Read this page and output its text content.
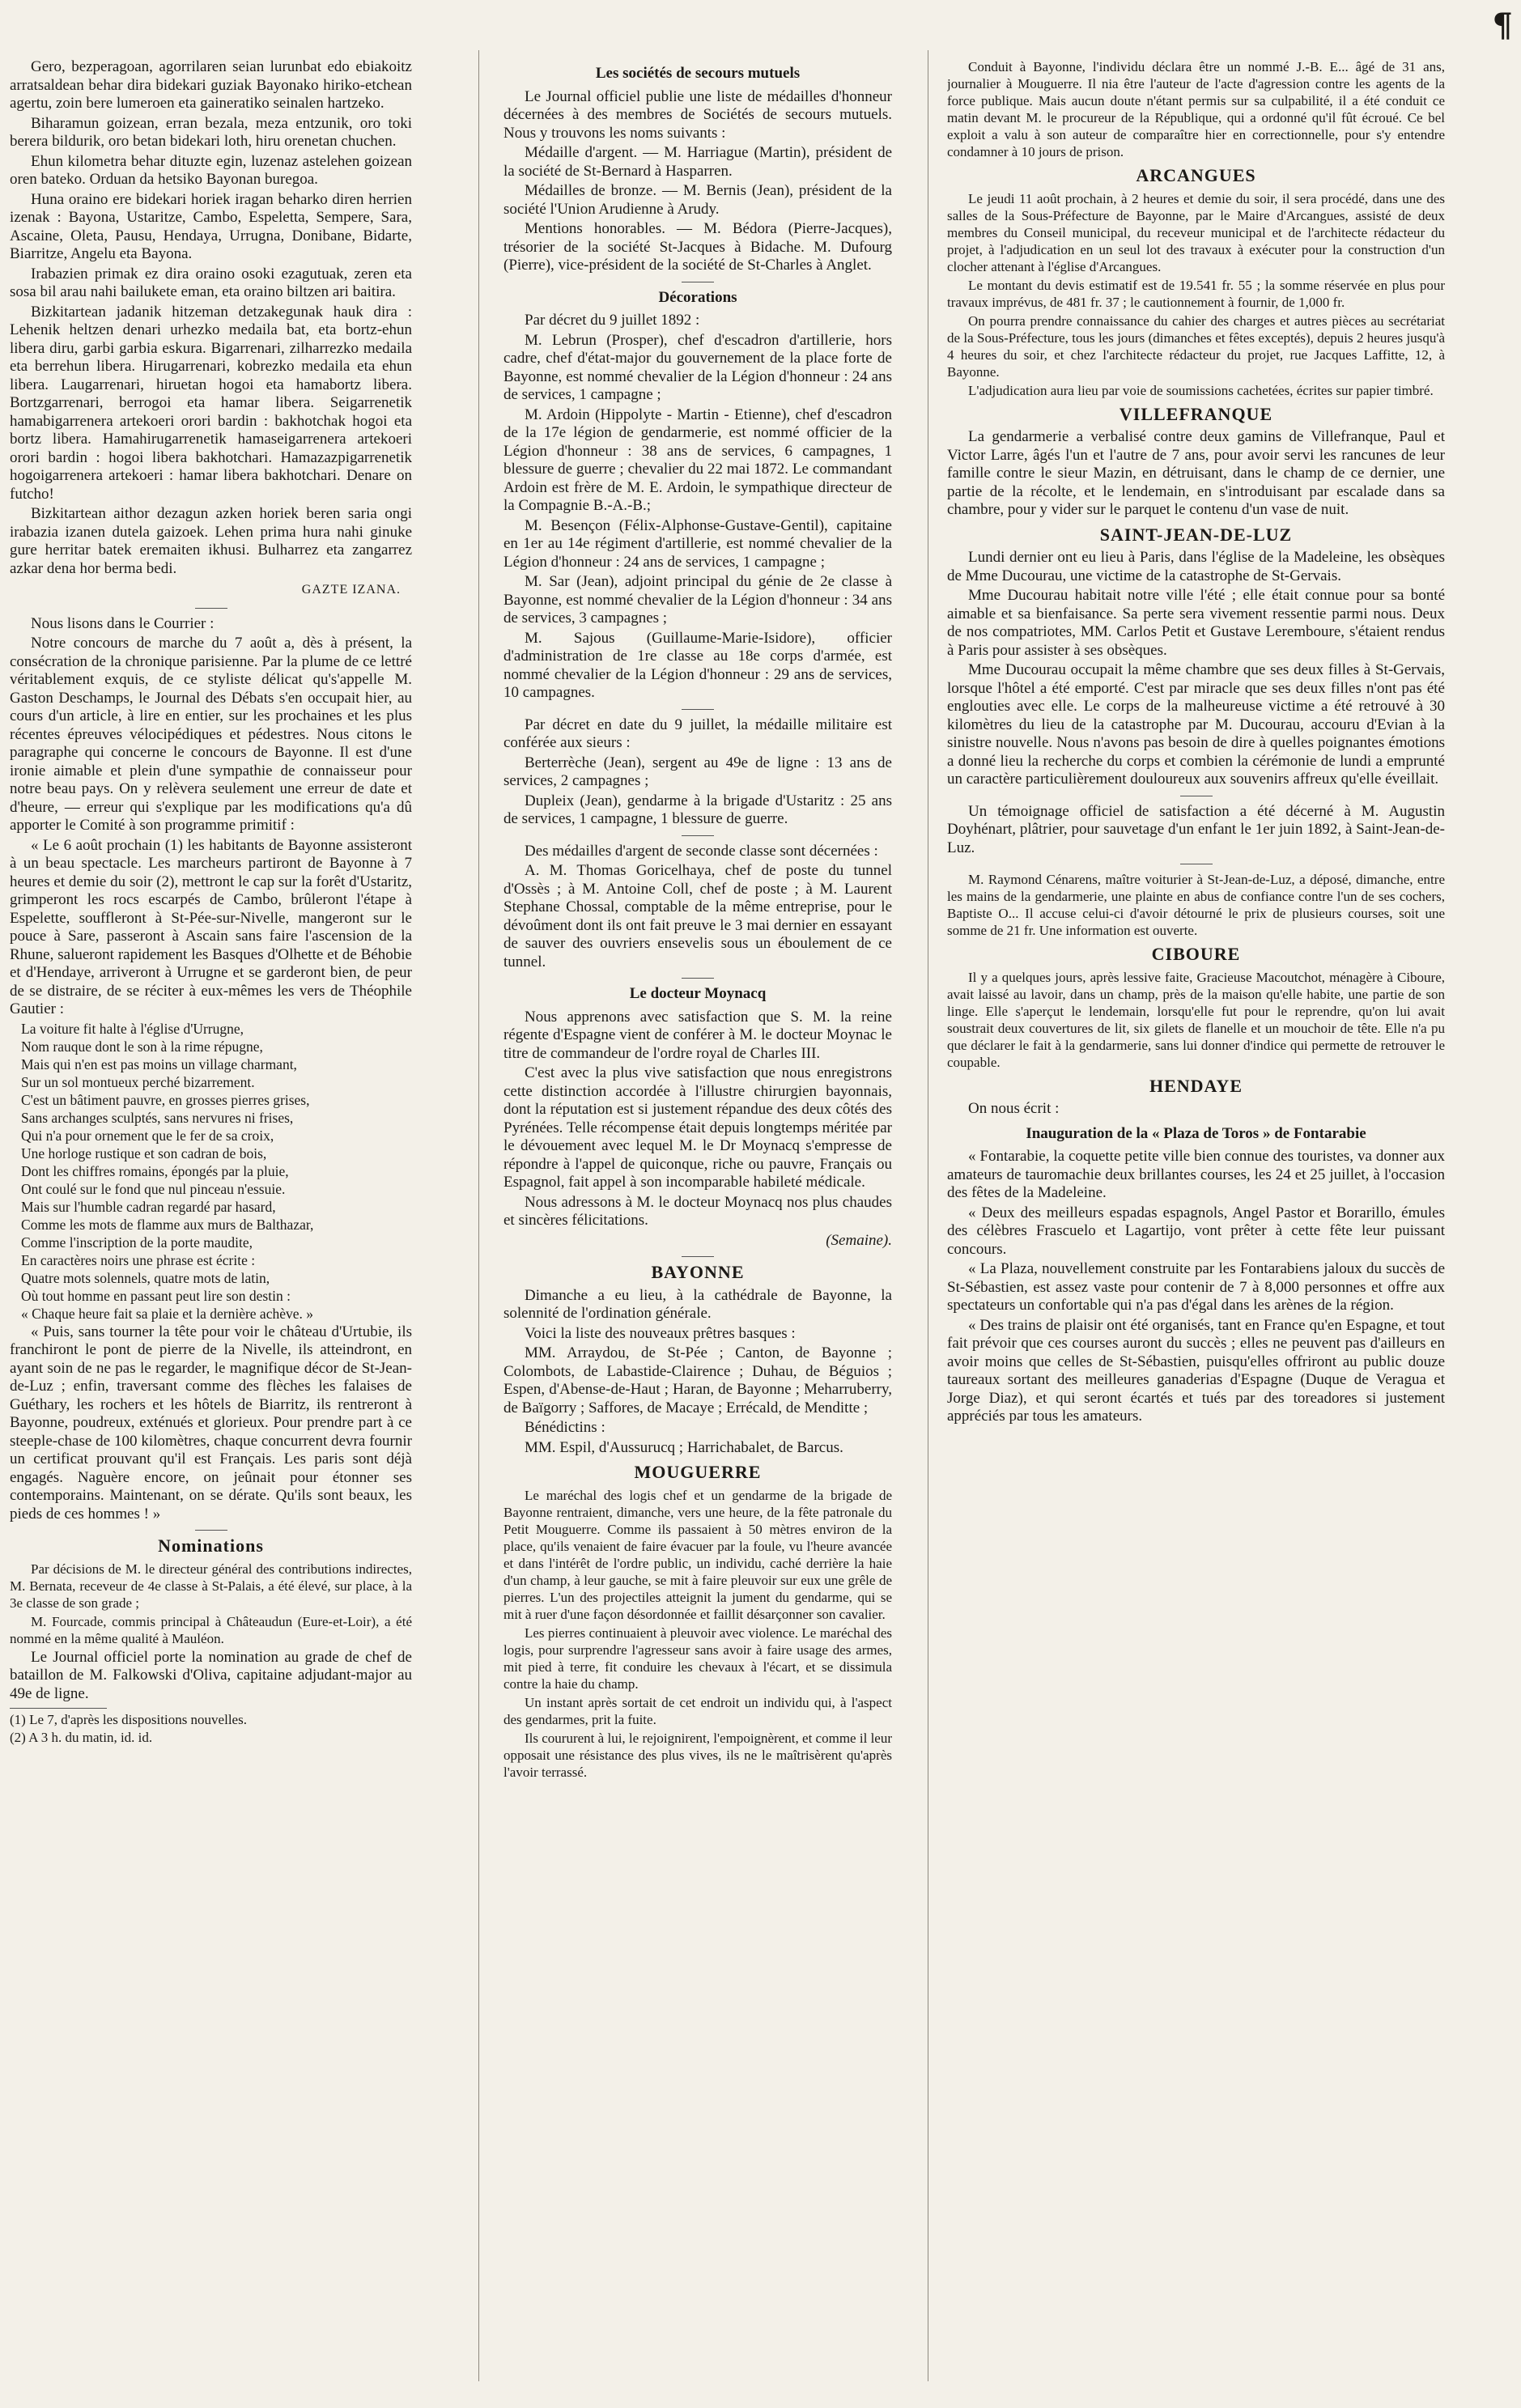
¶

Gero, bezperagoan, agorrilaren seian lurunbat edo ebiakoitz arratsaldean behar dira bidekari guziak Bayonako hiriko-etchean agertu, zoin bere lumeroen eta gaineratiko seinalen hartzeko.

Biharamun goizean, erran bezala, meza entzunik, oro toki berera bildurik, oro betan bidekari loth, hiru orenetan chuchen.

Ehun kilometra behar dituzte egin, luzenaz astelehen goizean oren bateko. Orduan da hetsiko Bayonan buregoa.

Huna oraino ere bidekari horiek iragan beharko diren herrien izenak : Bayona, Ustaritze, Cambo, Espeletta, Sempere, Sara, Ascaine, Oleta, Pausu, Hendaya, Urrugna, Donibane, Bidarte, Biarritze, Angelu eta Bayona.

Irabazien primak ez dira oraino osoki ezagutuak, zeren eta sosa bil arau nahi bailukete eman, eta oraino biltzen ari baitira.

Bizkitartean jadanik hitzeman detzakegunak hauk dira : Lehenik heltzen denari urhezko medaila bat, eta bortz-ehun libera diru, garbi garbia eskura. Bigarrenari, zilharrezko medaila eta berrehun libera. Hirugarrenari, kobrezko medaila eta ehun libera. Laugarrenari, hiruetan hogoi eta hamabortz libera. Bortzgarrenari, berrogoi eta hamar libera. Seigarrenetik hamabigarrenera artekoeri orori bardin : bakhotchak hogoi eta bortz libera. Hamahirugarrenetik hamaseigarrenera artekoeri orori bardin : hogoi libera bakhotchari. Hamazazpigarrenetik hogoigarrenera artekoeri : hamar libera bakhotchari. Denare on futcho!

Bizkitartean aithor dezagun azken horiek beren saria ongi irabazia izanen dutela gaizoek. Lehen prima hura nahi ginuke gure herritar batek eremaiten ikhusi. Bulharrez eta zangarrez azkar dena hor berma bedi.

GAZTE IZANA.

Nous lisons dans le Courrier :

Notre concours de marche du 7 août a, dès à présent, la consécration de la chronique parisienne. Par la plume de ce lettré véritablement exquis, de ce styliste délicat qu's'appelle M. Gaston Deschamps, le Journal des Débats s'en occupait hier, au cours d'un article, à lire en entier, sur les prochaines et les plus récentes épreuves vélocipédiques et pédestres. Nous citons le paragraphe qui concerne le concours de Bayonne. Il est d'une ironie aimable et plein d'une sympathie de connaisseur pour notre beau pays. On y relèvera seulement une erreur de date et d'heure, — erreur qui s'explique par les modifications qu'a dû apporter le Comité à son programme primitif :

« Le 6 août prochain (1) les habitants de Bayonne assisteront à un beau spectacle. Les marcheurs partiront de Bayonne à 7 heures et demie du soir (2), mettront le cap sur la forêt d'Ustaritz, grimperont les rocs escarpés de Cambo, brûleront l'étape à Espelette, souffleront à St-Pée-sur-Nivelle, mangeront sur le pouce à Sare, passeront à Ascain sans faire l'ascension de la Rhune, salueront rapidement les Basques d'Olhette et de Béhobie et d'Hendaye, arriveront à Urrugne et se garderont bien, de peur de se distraire, de se réciter à eux-mêmes les vers de Théophile Gautier :

La voiture fit halte à l'église d'Urrugne,

Nom rauque dont le son à la rime répugne,

Mais qui n'en est pas moins un village charmant,

Sur un sol montueux perché bizarrement.

C'est un bâtiment pauvre, en grosses pierres grises,

Sans archanges sculptés, sans nervures ni frises,

Qui n'a pour ornement que le fer de sa croix,

Une horloge rustique et son cadran de bois,

Dont les chiffres romains, épongés par la pluie,

Ont coulé sur le fond que nul pinceau n'essuie.

Mais sur l'humble cadran regardé par hasard,

Comme les mots de flamme aux murs de Balthazar,

Comme l'inscription de la porte maudite,

En caractères noirs une phrase est écrite :

Quatre mots solennels, quatre mots de latin,

Où tout homme en passant peut lire son destin :

« Chaque heure fait sa plaie et la dernière achève. »

« Puis, sans tourner la tête pour voir le château d'Urtubie, ils franchiront le pont de pierre de la Nivelle, ils atteindront, en ayant soin de ne pas le regarder, le magnifique décor de St-Jean-de-Luz ; enfin, traversant comme des flèches les falaises de Guéthary, les rochers et les hôtels de Biarritz, ils rentreront à Bayonne, poudreux, exténués et glorieux. Pour prendre part à ce steeple-chase de 100 kilomètres, chaque concurrent devra fournir un certificat prouvant qu'il est Français. Les paris sont déjà engagés. Naguère encore, on jeûnait pour étonner ses contemporains. Maintenant, on se dérate. Qu'ils sont beaux, les pieds de ces hommes ! »

Nominations

Par décisions de M. le directeur général des contributions indirectes, M. Bernata, receveur de 4e classe à St-Palais, a été élevé, sur place, à la 3e classe de son grade ;

M. Fourcade, commis principal à Châteaudun (Eure-et-Loir), a été nommé en la même qualité à Mauléon.

Le Journal officiel porte la nomination au grade de chef de bataillon de M. Falkowski d'Oliva, capitaine adjudant-major au 49e de ligne.

(1) Le 7, d'après les dispositions nouvelles.

(2) A 3 h. du matin, id. id.

Les sociétés de secours mutuels

Le Journal officiel publie une liste de médailles d'honneur décernées à des membres de Sociétés de secours mutuels. Nous y trouvons les noms suivants :

Médaille d'argent. — M. Harriague (Martin), président de la société de St-Bernard à Hasparren.

Médailles de bronze. — M. Bernis (Jean), président de la société l'Union Arudienne à Arudy.

Mentions honorables. — M. Bédora (Pierre-Jacques), trésorier de la société St-Jacques à Bidache. M. Dufourg (Pierre), vice-président de la société de St-Charles à Anglet.

Décorations

Par décret du 9 juillet 1892 :

M. Lebrun (Prosper), chef d'escadron d'artillerie, hors cadre, chef d'état-major du gouvernement de la place forte de Bayonne, est nommé chevalier de la Légion d'honneur : 24 ans de services, 1 campagne ;

M. Ardoin (Hippolyte - Martin - Etienne), chef d'escadron de la 17e légion de gendarmerie, est nommé officier de la Légion d'honneur : 38 ans de services, 6 campagnes, 1 blessure de guerre ; chevalier du 22 mai 1872. Le commandant Ardoin est frère de M. E. Ardoin, le sympathique directeur de la Compagnie B.-A.-B.;

M. Besençon (Félix-Alphonse-Gustave-Gentil), capitaine en 1er au 14e régiment d'artillerie, est nommé chevalier de la Légion d'honneur : 24 ans de services, 1 campagne ;

M. Sar (Jean), adjoint principal du génie de 2e classe à Bayonne, est nommé chevalier de la Légion d'honneur : 34 ans de services, 3 campagnes ;

M. Sajous (Guillaume-Marie-Isidore), officier d'administration de 1re classe au 18e corps d'armée, est nommé chevalier de la Légion d'honneur : 29 ans de services, 10 campagnes.

Par décret en date du 9 juillet, la médaille militaire est conférée aux sieurs :

Berterrèche (Jean), sergent au 49e de ligne : 13 ans de services, 2 campagnes ;

Dupleix (Jean), gendarme à la brigade d'Ustaritz : 25 ans de services, 1 campagne, 1 blessure de guerre.

Des médailles d'argent de seconde classe sont décernées :

A. M. Thomas Goricelhaya, chef de poste du tunnel d'Ossès ; à M. Antoine Coll, chef de poste ; à M. Laurent Stephane Chossal, comptable de la même entreprise, pour le dévoûment dont ils ont fait preuve le 3 mai dernier en essayant de sauver des ouvriers ensevelis sous un éboulement de ce tunnel.

Le docteur Moynacq

Nous apprenons avec satisfaction que S. M. la reine régente d'Espagne vient de conférer à M. le docteur Moynac le titre de commandeur de l'ordre royal de Charles III.

C'est avec la plus vive satisfaction que nous enregistrons cette distinction accordée à l'illustre chirurgien bayonnais, dont la réputation est si justement répandue des deux côtés des Pyrénées. Telle récompense était depuis longtemps méritée par le dévouement avec lequel M. le Dr Moynacq s'empresse de répondre à l'appel de quiconque, riche ou pauvre, Français ou Espagnol, fait appel à son incomparable habileté médicale.

Nous adressons à M. le docteur Moynacq nos plus chaudes et sincères félicitations.

(Semaine).

BAYONNE

Dimanche a eu lieu, à la cathédrale de Bayonne, la solennité de l'ordination générale.

Voici la liste des nouveaux prêtres basques :

MM. Arraydou, de St-Pée ; Canton, de Bayonne ; Colombots, de Labastide-Clairence ; Duhau, de Béguios ; Espen, d'Abense-de-Haut ; Haran, de Bayonne ; Meharruberry, de Baïgorry ; Saffores, de Macaye ; Errécald, de Menditte ;

Bénédictins :

MM. Espil, d'Aussurucq ; Harrichabalet, de Barcus.

MOUGUERRE

Le maréchal des logis chef et un gendarme de la brigade de Bayonne rentraient, dimanche, vers une heure, de la fête patronale du Petit Mouguerre. Comme ils passaient à 50 mètres environ de la place, qu'ils venaient de faire évacuer par la foule, vu l'heure avancée et dans l'intérêt de l'ordre public, un individu, caché derrière la haie d'un champ, à leur gauche, se mit à faire pleuvoir sur eux une grêle de pierres. L'un des projectiles atteignit la jument du gendarme, qui se mit à ruer d'une façon désordonnée et faillit désarçonner son cavalier.

Les pierres continuaient à pleuvoir avec violence. Le maréchal des logis, pour surprendre l'agresseur sans avoir à faire usage des armes, mit pied à terre, fit conduire les chevaux à l'écart, et se dissimula contre la haie du champ.

Un instant après sortait de cet endroit un individu qui, à l'aspect des gendarmes, prit la fuite.

Ils coururent à lui, le rejoignirent, l'empoignèrent, et comme il leur opposait une résistance des plus vives, ils ne le maîtrisèrent qu'après l'avoir terrassé.

Conduit à Bayonne, l'individu déclara être un nommé J.-B. E... âgé de 31 ans, journalier à Mouguerre. Il nia être l'auteur de l'acte d'agression contre les agents de la force publique. Mais aucun doute n'étant permis sur sa culpabilité, il a été conduit ce matin devant M. le procureur de la République, qui a ordonné qu'il fût écroué. Ce bel exploit a valu à son auteur de comparaître hier en correctionnelle, pour s'y entendre condamner à 10 jours de prison.

ARCANGUES

Le jeudi 11 août prochain, à 2 heures et demie du soir, il sera procédé, dans une des salles de la Sous-Préfecture de Bayonne, par le Maire d'Arcangues, assisté de deux membres du Conseil municipal, du receveur municipal et de l'architecte rédacteur du projet, à l'adjudication en un seul lot des travaux à exécuter pour la construction d'un clocher attenant à l'église d'Arcangues.

Le montant du devis estimatif est de 19.541 fr. 55 ; la somme réservée en plus pour travaux imprévus, de 481 fr. 37 ; le cautionnement à fournir, de 1,000 fr.

On pourra prendre connaissance du cahier des charges et autres pièces au secrétariat de la Sous-Préfecture, tous les jours (dimanches et fêtes exceptés), depuis 2 heures jusqu'à 4 heures du soir, et chez l'architecte rédacteur du projet, rue Jacques Laffitte, 12, à Bayonne.

L'adjudication aura lieu par voie de soumissions cachetées, écrites sur papier timbré.

VILLEFRANQUE

La gendarmerie a verbalisé contre deux gamins de Villefranque, Paul et Victor Larre, âgés l'un et l'autre de 7 ans, pour avoir servi les rancunes de leur famille contre le sieur Mazin, en détruisant, dans le champ de ce dernier, une partie de la récolte, et le lendemain, en s'introduisant par escalade dans sa chambre, pour y vider sur le parquet le contenu d'un vase de nuit.

SAINT-JEAN-DE-LUZ

Lundi dernier ont eu lieu à Paris, dans l'église de la Madeleine, les obsèques de Mme Ducourau, une victime de la catastrophe de St-Gervais.

Mme Ducourau habitait notre ville l'été ; elle était connue pour sa bonté aimable et sa bienfaisance. Sa perte sera vivement ressentie parmi nous. Deux de nos compatriotes, MM. Carlos Petit et Gustave Leremboure, s'étaient rendus à Paris pour assister à ses obsèques.

Mme Ducourau occupait la même chambre que ses deux filles à St-Gervais, lorsque l'hôtel a été emporté. C'est par miracle que ses deux filles n'ont pas été englouties avec elle. Le corps de la malheureuse victime a été retrouvé à 30 kilomètres du lieu de la catastrophe par M. Ducourau, accouru d'Evian à la sinistre nouvelle. Nous n'avons pas besoin de dire à quelles poignantes émotions a donné lieu la recherche du corps et combien la cérémonie de lundi a emprunté un caractère particulièrement douloureux aux souvenirs affreux qu'elle éveillait.

Un témoignage officiel de satisfaction a été décerné à M. Augustin Doyhénart, plâtrier, pour sauvetage d'un enfant le 1er juin 1892, à Saint-Jean-de-Luz.

M. Raymond Cénarens, maître voiturier à St-Jean-de-Luz, a déposé, dimanche, entre les mains de la gendarmerie, une plainte en abus de confiance contre l'un de ses cochers, Baptiste O... Il accuse celui-ci d'avoir détourné le prix de plusieurs courses, soit une somme de 21 fr. Une information est ouverte.

CIBOURE

Il y a quelques jours, après lessive faite, Gracieuse Macoutchot, ménagère à Ciboure, avait laissé au lavoir, dans un champ, près de la maison qu'elle habite, une partie de son linge. Elle s'aperçut le lendemain, lorsqu'elle fut pour le reprendre, qu'on lui avait soustrait deux couvertures de lit, six gilets de flanelle et un mouchoir de tête. Elle n'a pu que déclarer le fait à la gendarmerie, sans lui donner d'indice qui permette de retrouver le coupable.

HENDAYE

On nous écrit :

Inauguration de la « Plaza de Toros » de Fontarabie

« Fontarabie, la coquette petite ville bien connue des touristes, va donner aux amateurs de tauromachie deux brillantes courses, les 24 et 25 juillet, à l'occasion des fêtes de la Madeleine.

« Deux des meilleurs espadas espagnols, Angel Pastor et Borarillo, émules des célèbres Frascuelo et Lagartijo, vont prêter à cette fête leur puissant concours.

« La Plaza, nouvellement construite par les Fontarabiens jaloux du succès de St-Sébastien, est assez vaste pour contenir de 7 à 8,000 personnes et offre aux spectateurs un confortable qui n'a pas d'égal dans les arènes de la région.

« Des trains de plaisir ont été organisés, tant en France qu'en Espagne, et tout fait prévoir que ces courses auront du succès ; elles ne peuvent pas d'ailleurs en avoir moins que celles de St-Sébastien, puisqu'elles offriront au public douze taureaux sortant des meilleures ganaderias d'Espagne (Duque de Veragua et Jorge Diaz), et qui seront écartés et tués par des toreadores si justement appréciés par tous les amateurs.
